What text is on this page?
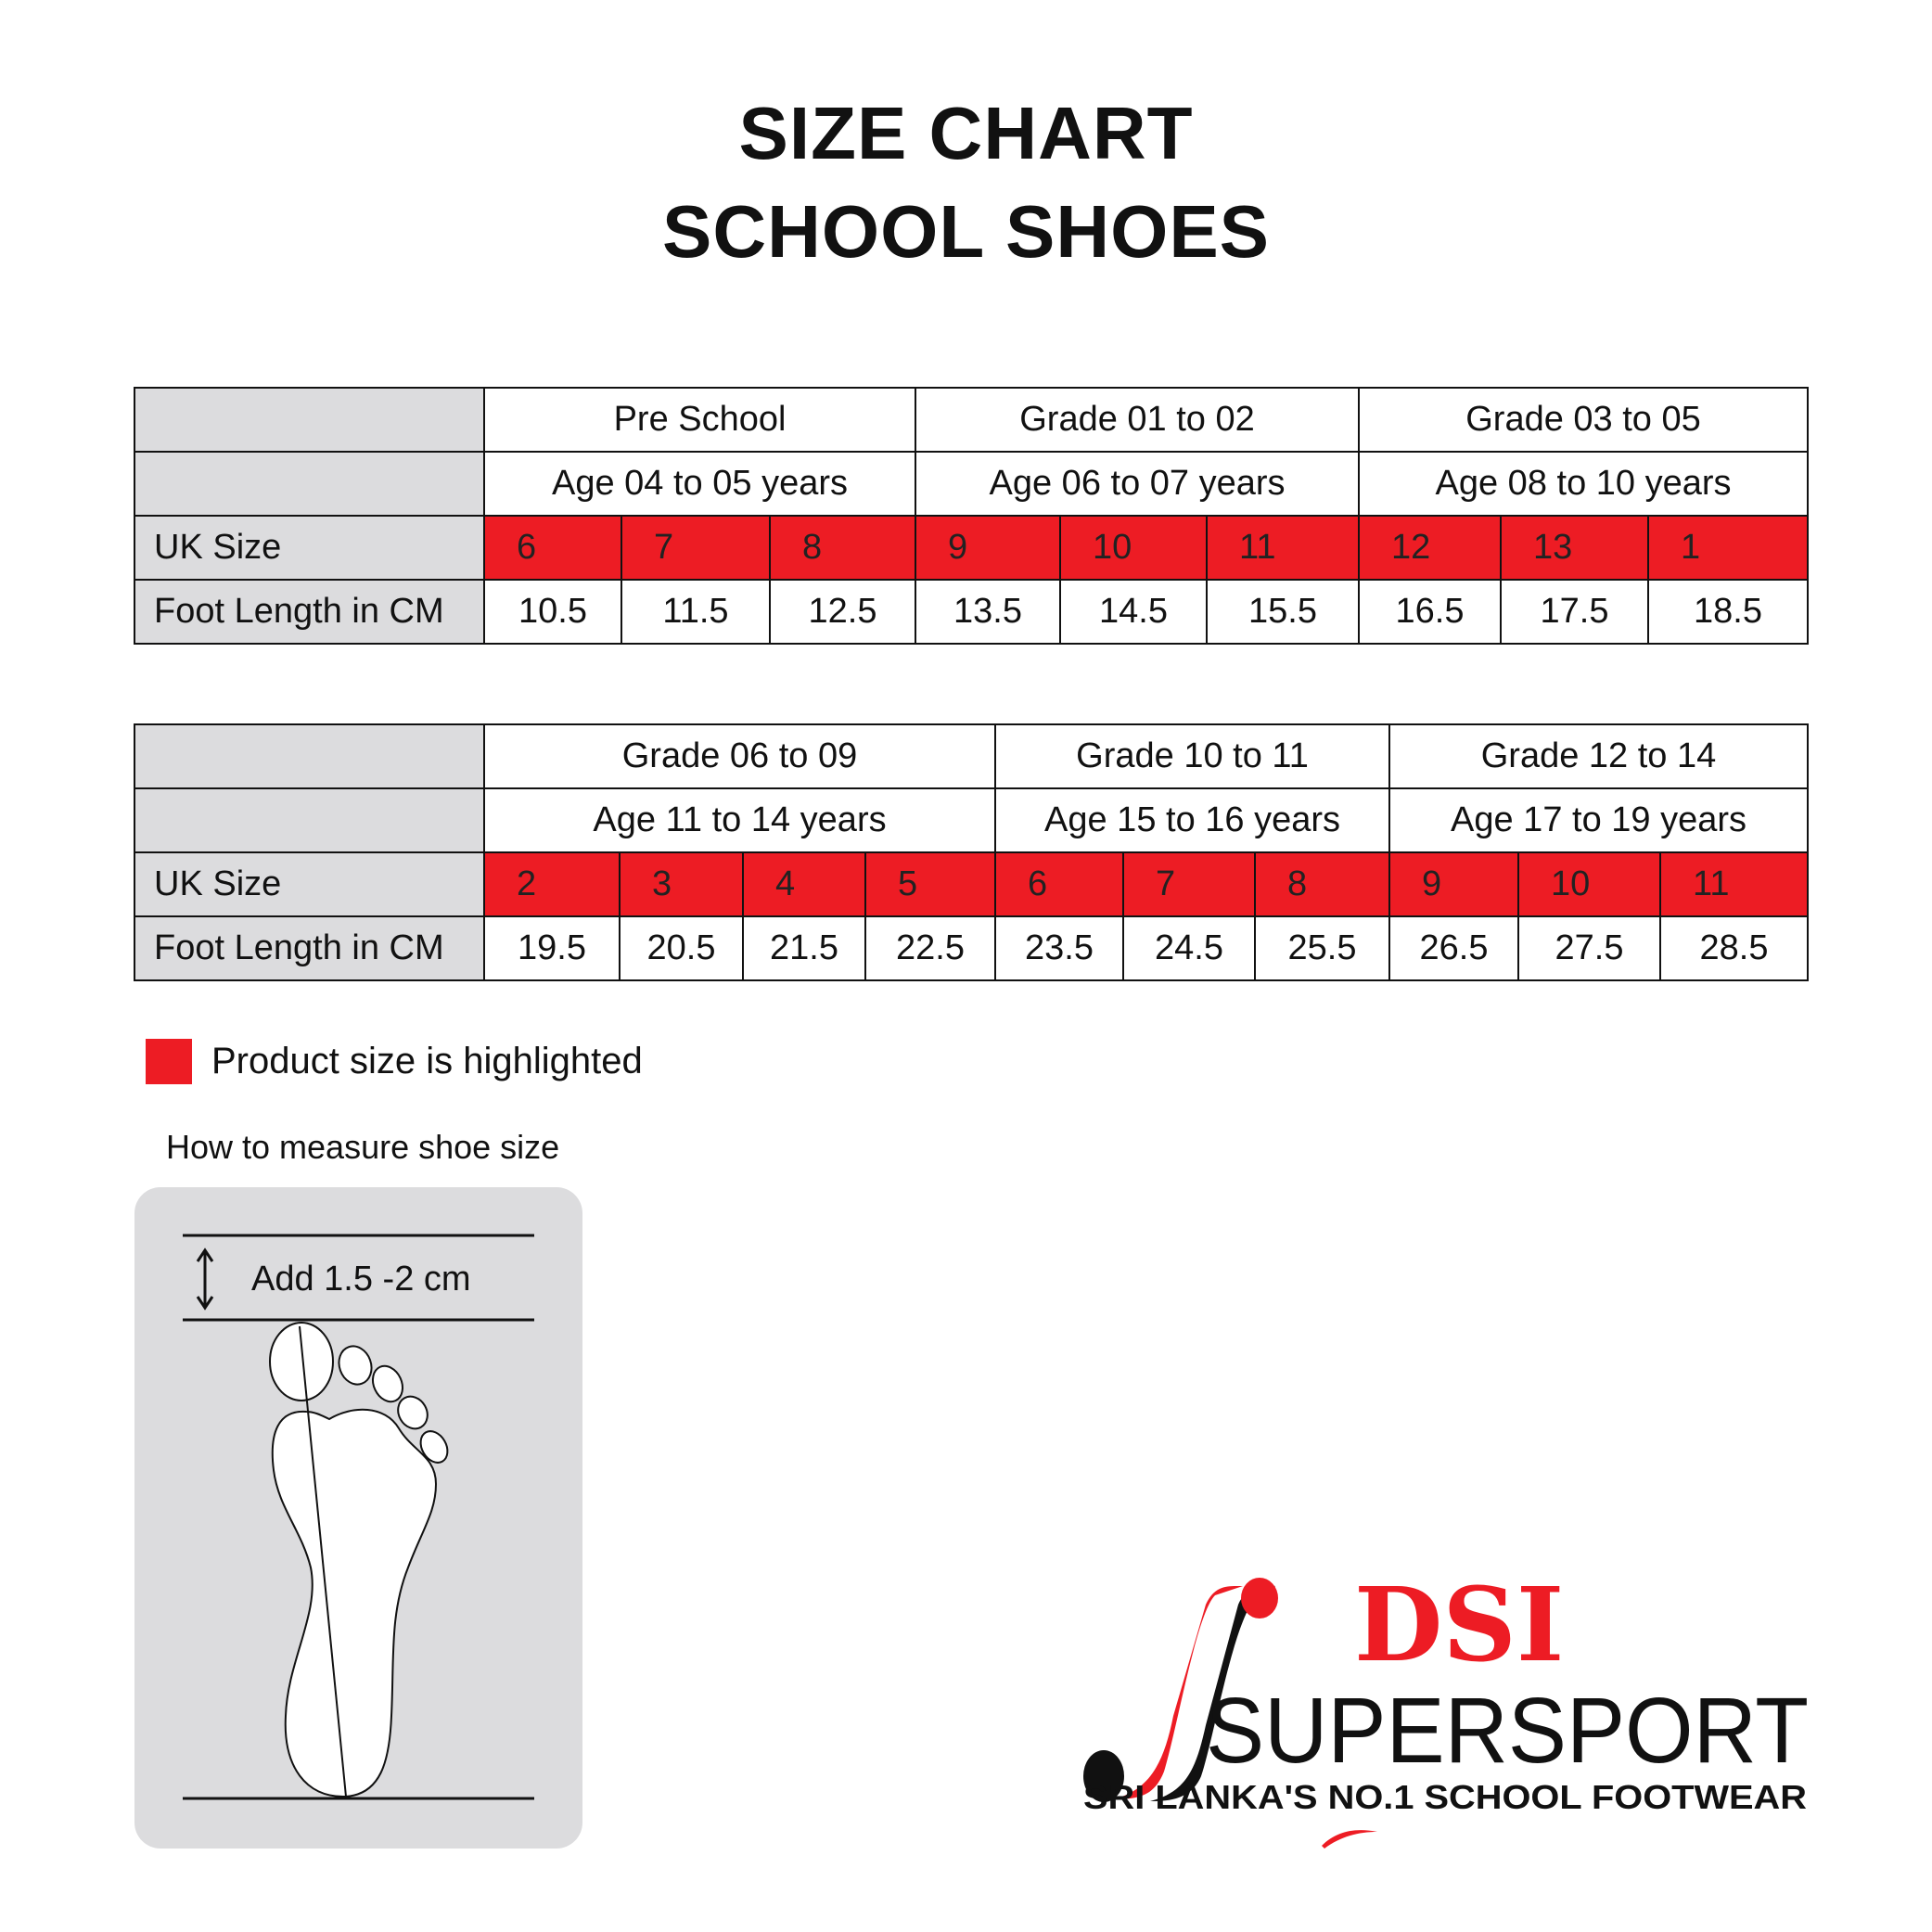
SIZE CHART
SCHOOL SHOES
	Pre School			Grade 01 to 02			Grade 03 to 05		
	Age 04 to 05 years			Age 06 to 07 years			Age 08 to 10 years		
UK Size	6	7	8	9	10	11	12	13	1
Foot Length in CM	10.5	11.5	12.5	13.5	14.5	15.5	16.5	17.5	18.5
	Grade 06 to 09				Grade 10 to 11			Grade 12 to 14		
	Age 11 to 14 years				Age 15 to 16 years			Age 17 to 19 years		
UK Size	2	3	4	5	6	7	8	9	10	11
Foot Length in CM	19.5	20.5	21.5	22.5	23.5	24.5	25.5	26.5	27.5	28.5
Product size is highlighted
How to measure shoe size
Add 1.5 -2 cm
DSI
SUPERSPORT
SRI LANKA'S NO.1 SCHOOL FOOTWEAR
